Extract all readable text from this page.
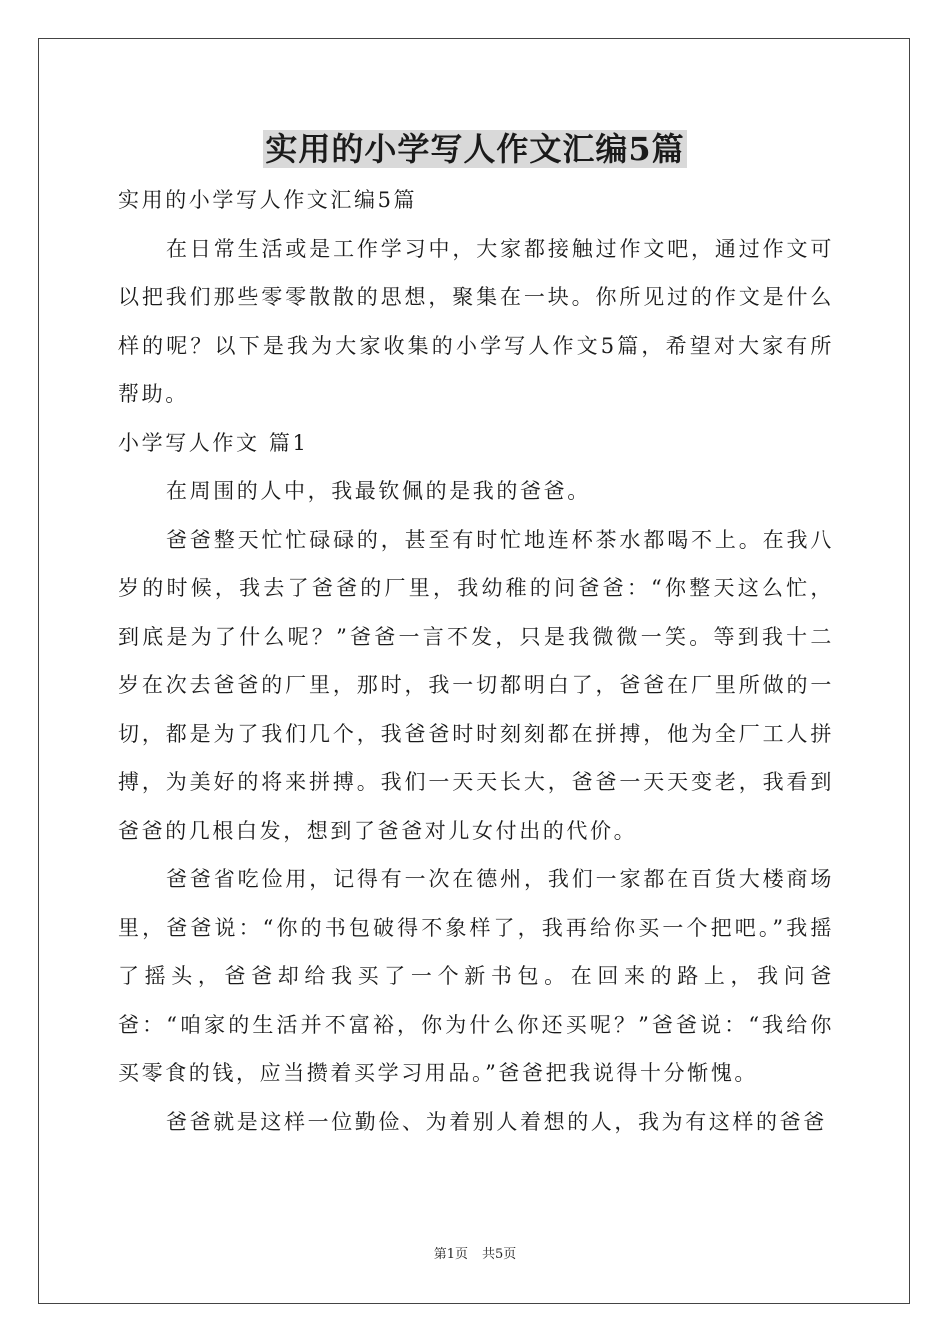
实用的小学写人作文汇编5篇

实用的小学写人作文汇编5篇

在日常生活或是工作学习中，大家都接触过作文吧，通过作文可以把我们那些零零散散的思想，聚集在一块。你所见过的作文是什么样的呢？以下是我为大家收集的小学写人作文5篇，希望对大家有所帮助。

小学写人作文 篇1

在周围的人中，我最钦佩的是我的爸爸。

爸爸整天忙忙碌碌的，甚至有时忙地连杯茶水都喝不上。在我八岁的时候，我去了爸爸的厂里，我幼稚的问爸爸：“你整天这么忙，到底是为了什么呢？”爸爸一言不发，只是我微微一笑。等到我十二岁在次去爸爸的厂里，那时，我一切都明白了，爸爸在厂里所做的一切，都是为了我们几个，我爸爸时时刻刻都在拼搏，他为全厂工人拼搏，为美好的将来拼搏。我们一天天长大，爸爸一天天变老，我看到爸爸的几根白发，想到了爸爸对儿女付出的代价。

爸爸省吃俭用，记得有一次在德州，我们一家都在百货大楼商场里，爸爸说：“你的书包破得不象样了，我再给你买一个把吧。”我摇了摇头，爸爸却给我买了一个新书包。在回来的路上，我问爸爸：“咱家的生活并不富裕，你为什么你还买呢？”爸爸说：“我给你买零食的钱，应当攒着买学习用品。”爸爸把我说得十分惭愧。

爸爸就是这样一位勤俭、为着别人着想的人，我为有这样的爸爸

第1页 共5页
